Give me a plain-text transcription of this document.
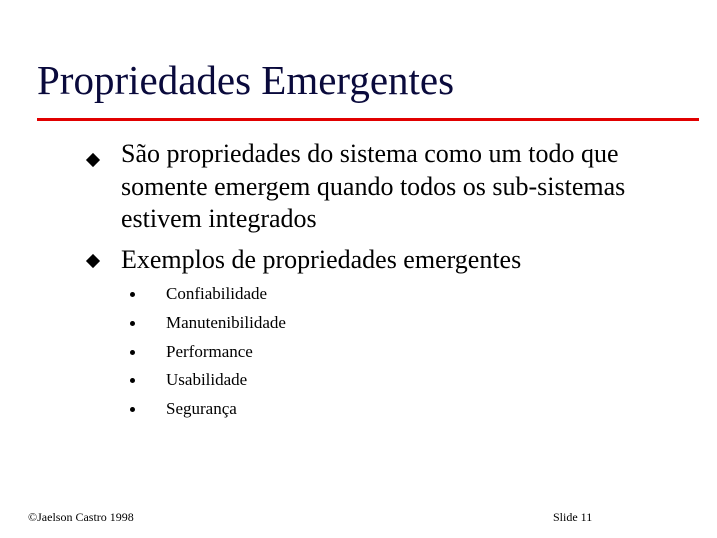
Propriedades Emergentes
São propriedades do sistema como um todo que
somente emergem quando todos os sub-sistemas
estivem integrados
Exemplos de propriedades emergentes
Confiabilidade
Manutenibilidade
Performance
Usabilidade
Segurança
©Jaelson Castro 1998	Slide 11
